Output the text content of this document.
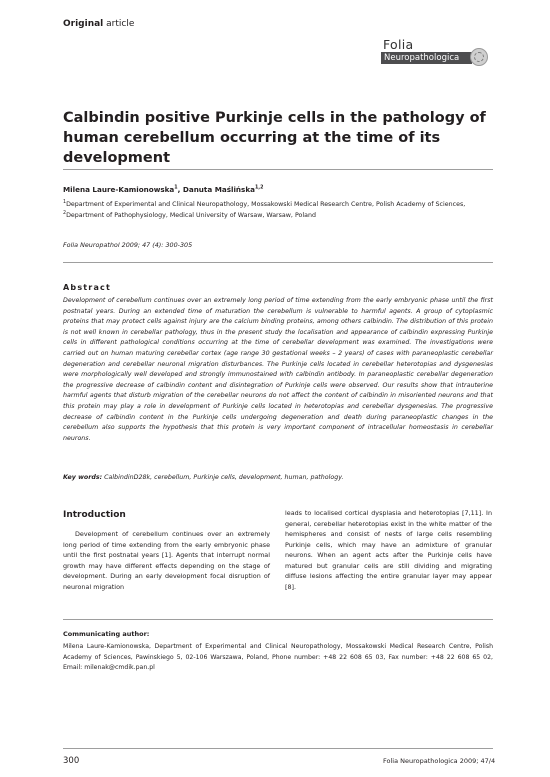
Original article
Folia
Neuropathologica
Calbindin positive Purkinje cells in the pathology of human cerebellum occurring at the time of its development
Milena Laure-Kamionowska$^1$, Danuta Maślińska$^{1,2}$
$^1$Department of Experimental and Clinical Neuropathology, Mossakowski Medical Research Centre, Polish Academy of Sciences,
$^2$Department of Pathophysiology, Medical University of Warsaw, Warsaw, Poland
Folia Neuropathol 2009; 47 (4): 300-305
Abstract
Development of cerebellum continues over an extremely long period of time extending from the early embryonic phase until the first postnatal years. During an extended time of maturation the cerebellum is vulnerable to harmful agents. A group of cytoplasmic proteins that may protect cells against injury are the calcium binding proteins, among others calbindin. The distribution of this protein is not well known in cerebellar pathology, thus in the present study the localisation and appearance of calbindin expressing Purkinje cells in different pathological conditions occurring at the time of cerebellar development was examined. The investigations were carried out on human maturing cerebellar cortex (age range 30 gestational weeks – 2 years) of cases with paraneoplastic cerebellar degeneration and cerebellar neuronal migration disturbances. The Purkinje cells located in cerebellar heterotopias and dysgenesias were morphologically well developed and strongly immunostained with calbindin antibody. In paraneoplastic cerebellar degeneration the progressive decrease of calbindin content and disintegration of Purkinje cells were observed. Our results show that intrauterine harmful agents that disturb migration of the cerebellar neurons do not affect the content of calbindin in misoriented neurons and that this protein may play a role in development of Purkinje cells located in heterotopias and cerebellar dysgenesias. The progressive decrease of calbindin content in the Purkinje cells undergoing degeneration and death during paraneoplastic changes in the cerebellum also supports the hypothesis that this protein is very important component of intracellular homeostasis in cerebellar neurons.
Key words: CalbindinD28k, cerebellum, Purkinje cells, development, human, pathology.
Introduction

Development of cerebellum continues over an extremely long period of time extending from the early embryonic phase until the first postnatal years [1]. Agents that interrupt normal growth may have different effects depending on the stage of development. During an early development focal disruption of neuronal migration

leads to localised cortical dysplasia and heterotopias [7,11]. In general, cerebellar heterotopias exist in the white matter of the hemispheres and consist of nests of large cells resembling Purkinje cells, which may have an admixture of granular neurons. When an agent acts after the Purkinje cells have matured but granular cells are still dividing and migrating diffuse lesions affecting the entire granular layer may appear [8].

Communicating author:
Milena Laure-Kamionowska, Department of Experimental and Clinical Neuropathology, Mossakowski Medical Research Centre, Polish Academy of Sciences, Pawinskiego 5, 02-106 Warszawa, Poland, Phone number: +48 22 608 65 03, Fax number: +48 22 608 65 02, Email: milenak@cmdik.pan.pl
300	Folia Neuropathologica 2009; 47/4
